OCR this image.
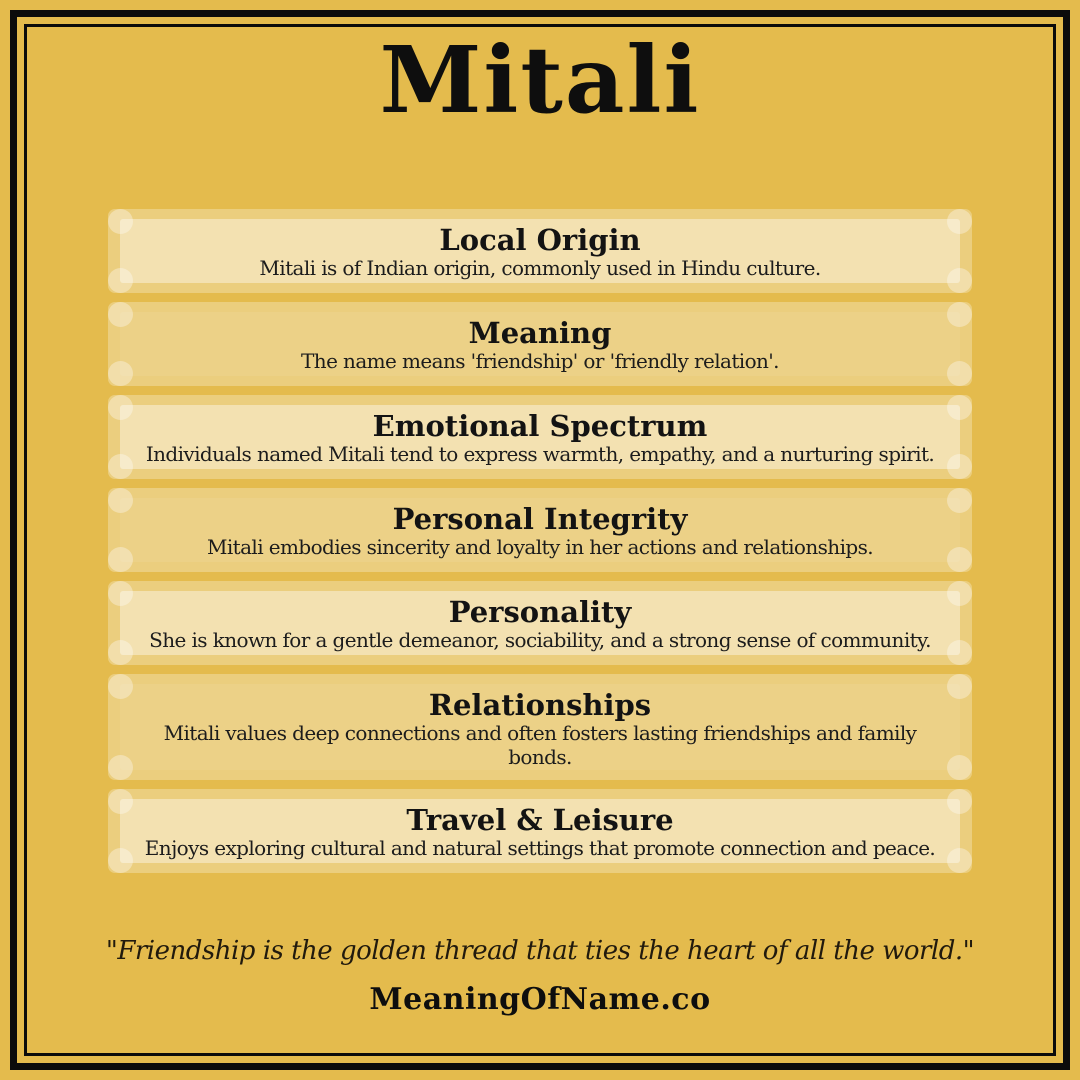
Mitali
Local Origin

Mitali is of Indian origin, commonly used in Hindu culture.

Meaning

The name means 'friendship' or 'friendly relation'.

Emotional Spectrum

Individuals named Mitali tend to express warmth, empathy, and a nurturing spirit.

Personal Integrity

Mitali embodies sincerity and loyalty in her actions and relationships.

Personality

She is known for a gentle demeanor, sociability, and a strong sense of community.

Relationships

Mitali values deep connections and often fosters lasting friendships and family bonds.

Travel & Leisure

Enjoys exploring cultural and natural settings that promote connection and peace.

"Friendship is the golden thread that ties the heart of all the world."
MeaningOfName.co
